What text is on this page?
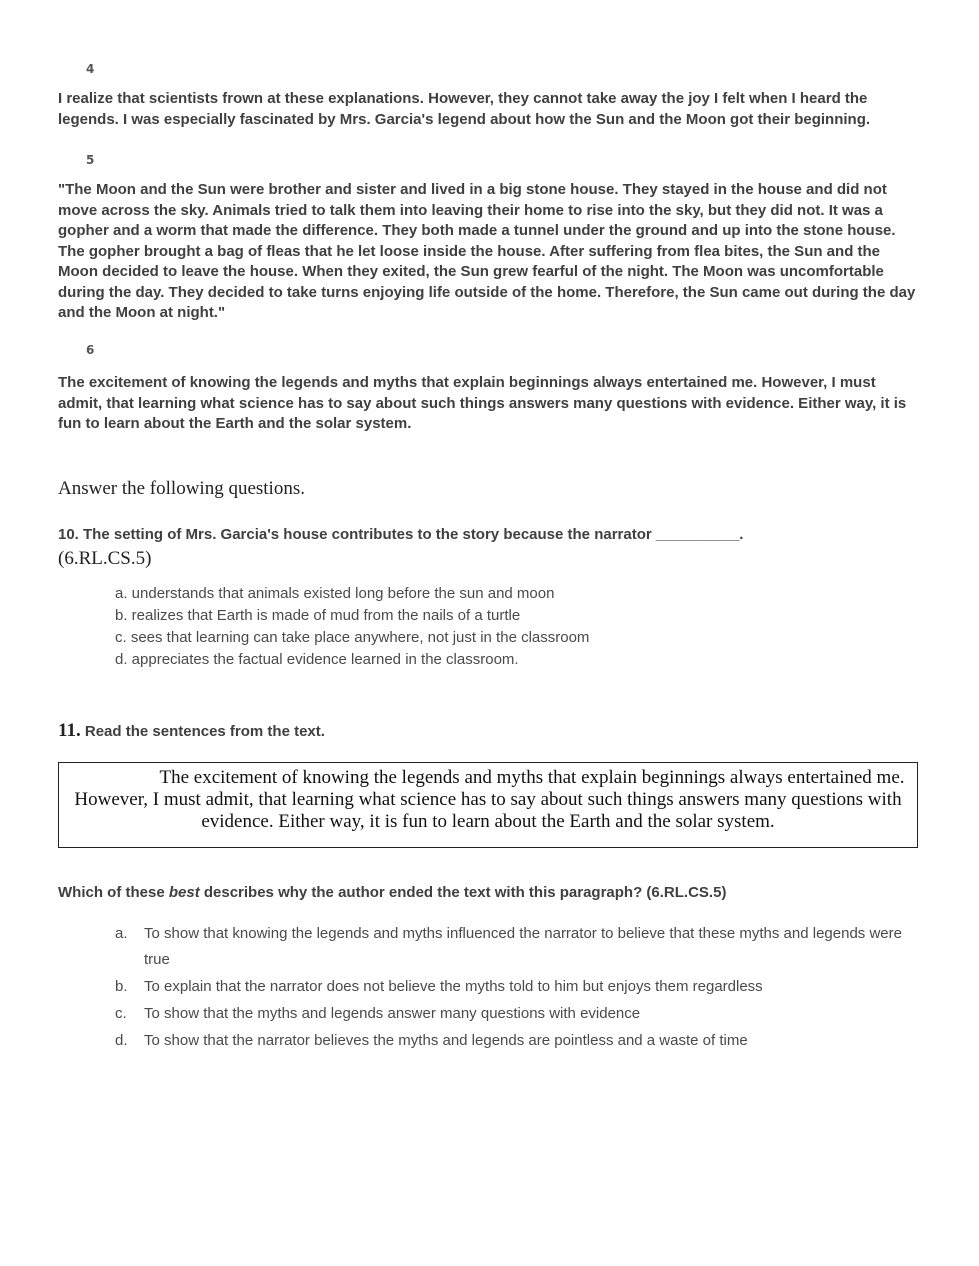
4
I realize that scientists frown at these explanations. However, they cannot take away the joy I felt when I heard the legends. I was especially fascinated by Mrs. Garcia's legend about how the Sun and the Moon got their beginning.
5
"The Moon and the Sun were brother and sister and lived in a big stone house. They stayed in the house and did not move across the sky. Animals tried to talk them into leaving their home to rise into the sky, but they did not. It was a gopher and a worm that made the difference. They both made a tunnel under the ground and up into the stone house. The gopher brought a bag of fleas that he let loose inside the house. After suffering from flea bites, the Sun and the Moon decided to leave the house. When they exited, the Sun grew fearful of the night. The Moon was uncomfortable during the day. They decided to take turns enjoying life outside of the home. Therefore, the Sun came out during the day and the Moon at night."
6
The excitement of knowing the legends and myths that explain beginnings always entertained me. However, I must admit, that learning what science has to say about such things answers many questions with evidence. Either way, it is fun to learn about the Earth and the solar system.
Answer the following questions.
10. The setting of Mrs. Garcia's house contributes to the story because the narrator __________.
(6.RL.CS.5)
a. understands that animals existed long before the sun and moon
b. realizes that Earth is made of mud from the nails of a turtle
c. sees that learning can take place anywhere, not just in the classroom
d. appreciates the factual evidence learned in the classroom.
11. Read the sentences from the text.
The excitement of knowing the legends and myths that explain beginnings always entertained me. However, I must admit, that learning what science has to say about such things answers many questions with evidence. Either way, it is fun to learn about the Earth and the solar system.
Which of these best describes why the author ended the text with this paragraph? (6.RL.CS.5)
a. To show that knowing the legends and myths influenced the narrator to believe that these myths and legends were true
b. To explain that the narrator does not believe the myths told to him but enjoys them regardless
c. To show that the myths and legends answer many questions with evidence
d. To show that the narrator believes the myths and legends are pointless and a waste of time
